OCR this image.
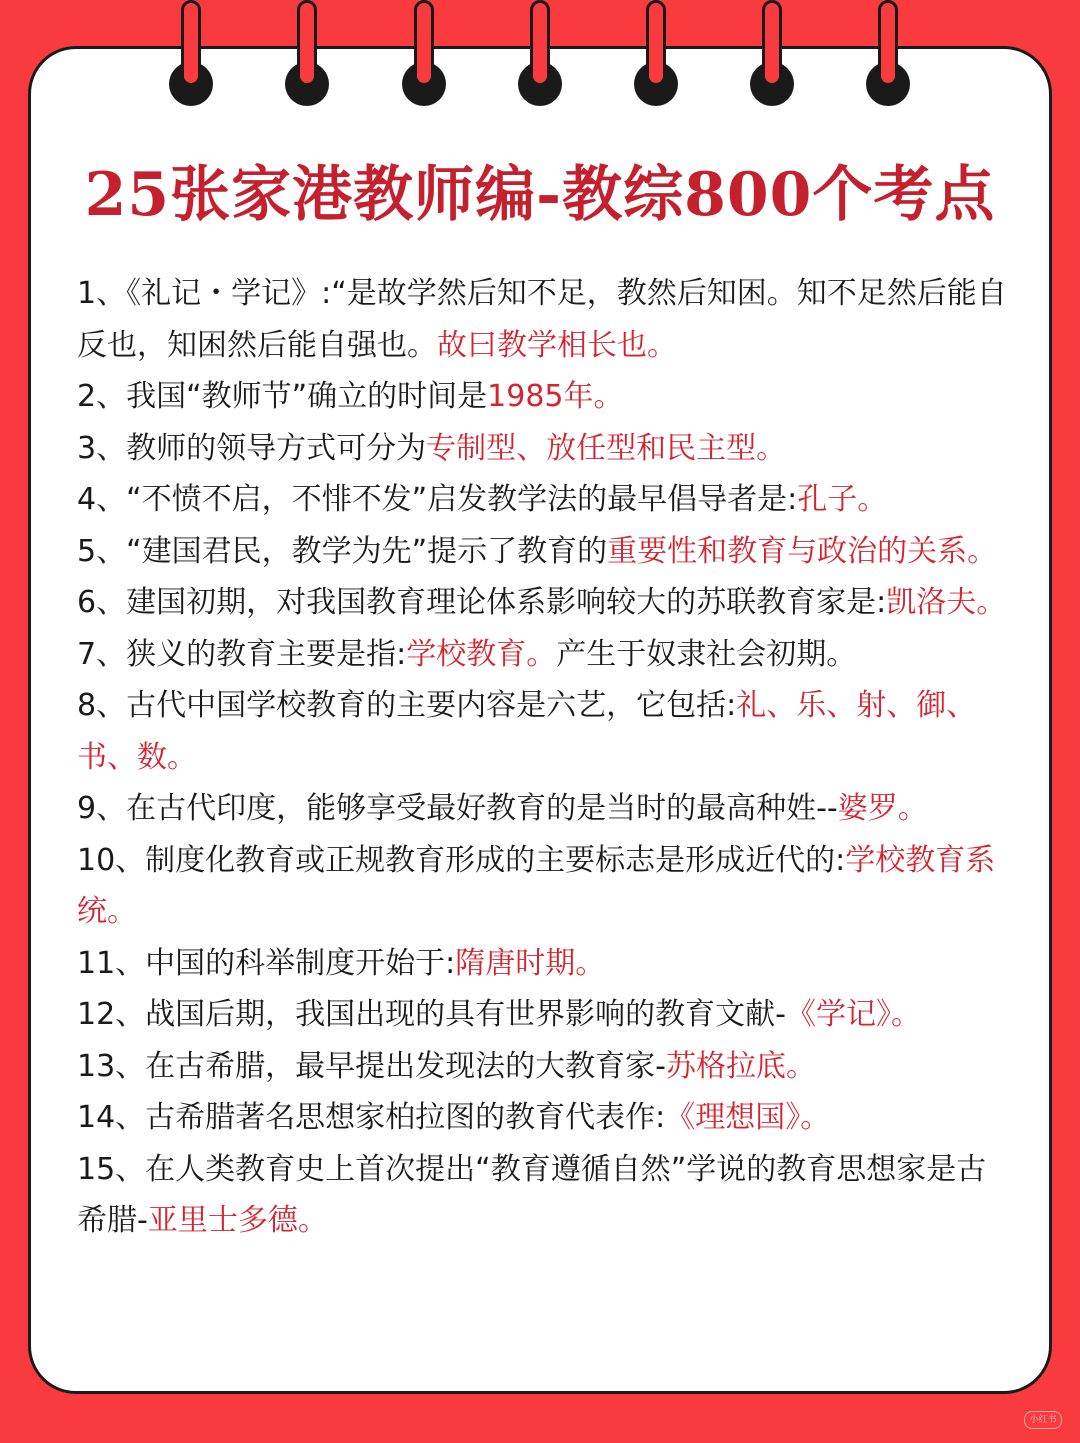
25张家港教师编-教综800个考点

1、《礼记・学记》:“是故学然后知不足，教然后知困。知不足然后能自反也，知困然后能自强也。故曰教学相长也。

2、我国“教师节”确立的时间是1985年。

3、教师的领导方式可分为专制型、放任型和民主型。

4、“不愤不启，不悱不发”启发教学法的最早倡导者是:孔子。

5、“建国君民，教学为先”提示了教育的重要性和教育与政治的关系。

6、建国初期，对我国教育理论体系影响较大的苏联教育家是:凯洛夫。

7、狭义的教育主要是指:学校教育。产生于奴隶社会初期。

8、古代中国学校教育的主要内容是六艺，它包括:礼、乐、射、御、书、数。

9、在古代印度，能够享受最好教育的是当时的最高种姓--婆罗。

10、制度化教育或正规教育形成的主要标志是形成近代的:学校教育系统。

11、中国的科举制度开始于:隋唐时期。

12、战国后期，我国出现的具有世界影响的教育文献-《学记》。

13、在古希腊，最早提出发现法的大教育家-苏格拉底。

14、古希腊著名思想家柏拉图的教育代表作:《理想国》。

15、在人类教育史上首次提出“教育遵循自然”学说的教育思想家是古希腊-亚里士多德。

小红书
